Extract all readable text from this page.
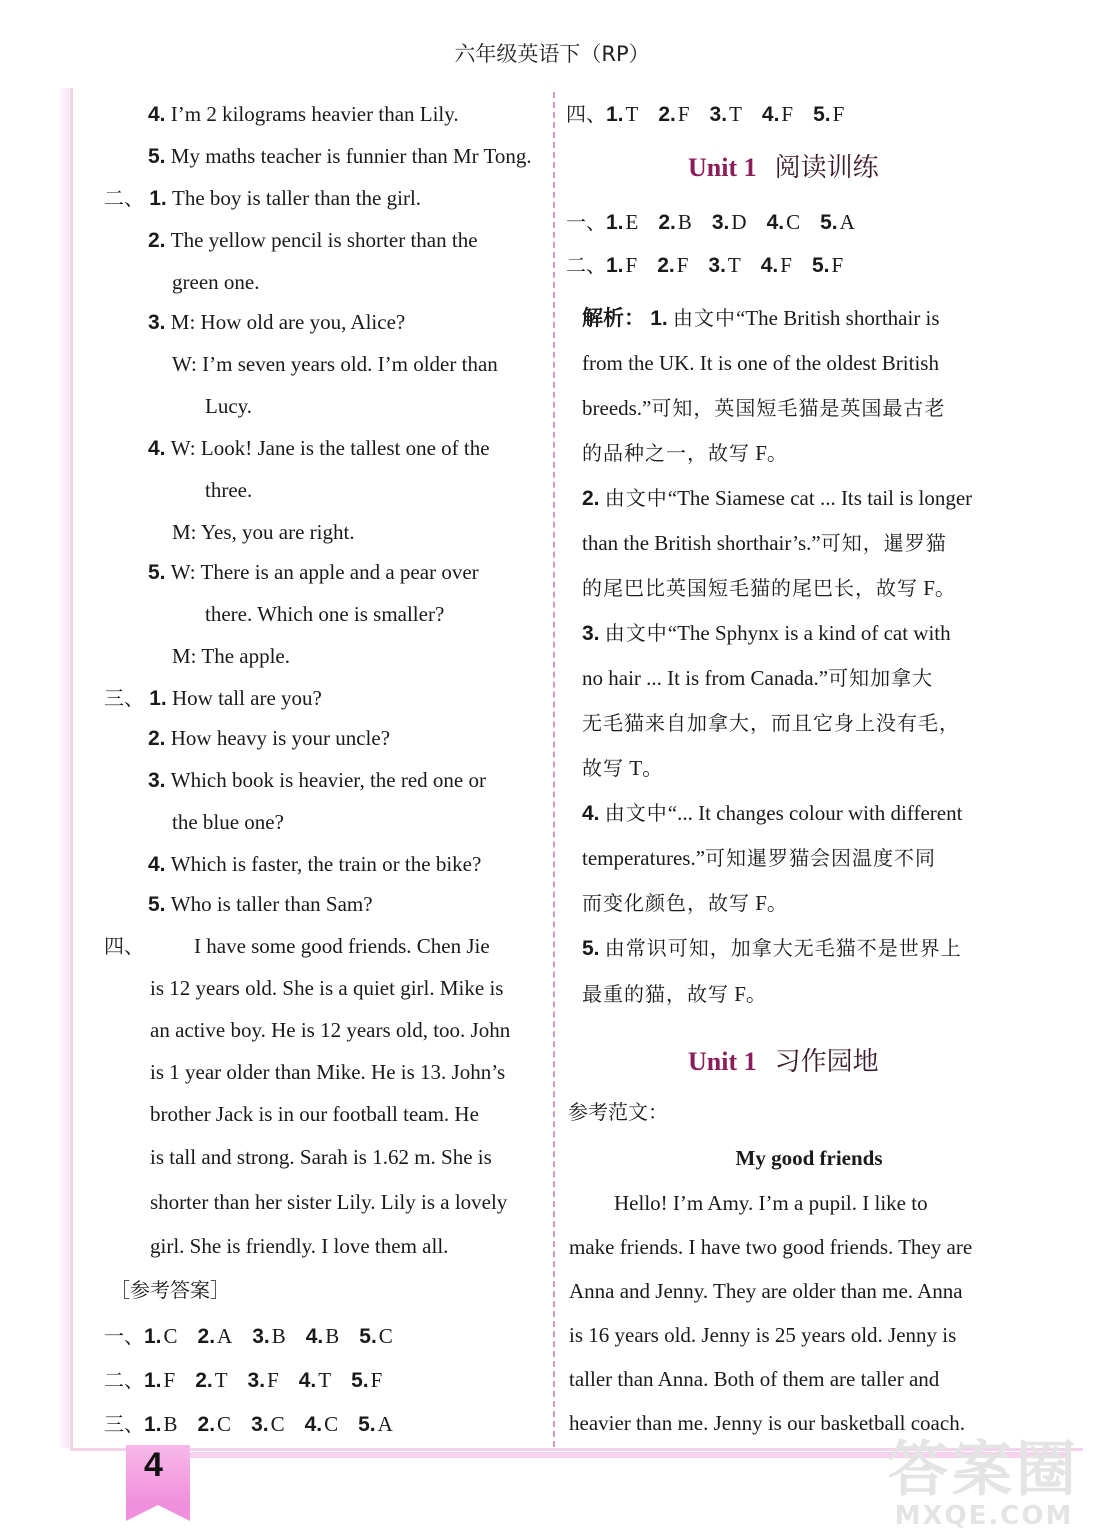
六年级英语下（RP）
4. I’m 2 kilograms heavier than Lily.
5. My maths teacher is funnier than Mr Tong.
二、 1. The boy is taller than the girl.
2. The yellow pencil is shorter than the
green one.
3. M: How old are you, Alice?
W: I’m seven years old. I’m older than
Lucy.
4. W: Look! Jane is the tallest one of the
three.
M: Yes, you are right.
5. W: There is an apple and a pear over
there. Which one is smaller?
M: The apple.
三、 1. How tall are you?
2. How heavy is your uncle?
3. Which book is heavier, the red one or
the blue one?
4. Which is faster, the train or the bike?
5. Who is taller than Sam?
四、 I have some good friends. Chen Jie
is 12 years old. She is a quiet girl. Mike is
an active boy. He is 12 years old, too. John
is 1 year older than Mike. He is 13. John’s
brother Jack is in our football team. He
is tall and strong. Sarah is 1.62 m. She is
shorter than her sister Lily. Lily is a lovely
girl. She is friendly. I love them all.
［参考答案］
一、1.C 2.A 3.B 4.B 5.C
二、1.F 2.T 3.F 4.T 5.F
三、1.B 2.C 3.C 4.C 5.A
四、1.T 2.F 3.T 4.F 5.F
Unit 1 阅读训练
一、1.E 2.B 3.D 4.C 5.A
二、1.F 2.F 3.T 4.F 5.F
解析： 1. 由文中“The British shorthair is
from the UK. It is one of the oldest British
breeds.”可知，英国短毛猫是英国最古老
的品种之一，故写 F。
2. 由文中“The Siamese cat ... Its tail is longer
than the British shorthair’s.”可知，暹罗猫
的尾巴比英国短毛猫的尾巴长，故写 F。
3. 由文中“The Sphynx is a kind of cat with
no hair ... It is from Canada.”可知加拿大
无毛猫来自加拿大，而且它身上没有毛，
故写 T。
4. 由文中“... It changes colour with different
temperatures.”可知暹罗猫会因温度不同
而变化颜色，故写 F。
5. 由常识可知，加拿大无毛猫不是世界上
最重的猫，故写 F。
Unit 1 习作园地
参考范文：
My good friends
Hello! I’m Amy. I’m a pupil. I like to
make friends. I have two good friends. They are
Anna and Jenny. They are older than me. Anna
is 16 years old. Jenny is 25 years old. Jenny is
taller than Anna. Both of them are taller and
heavier than me. Jenny is our basketball coach.
4	答案圈
MXQE.COM
